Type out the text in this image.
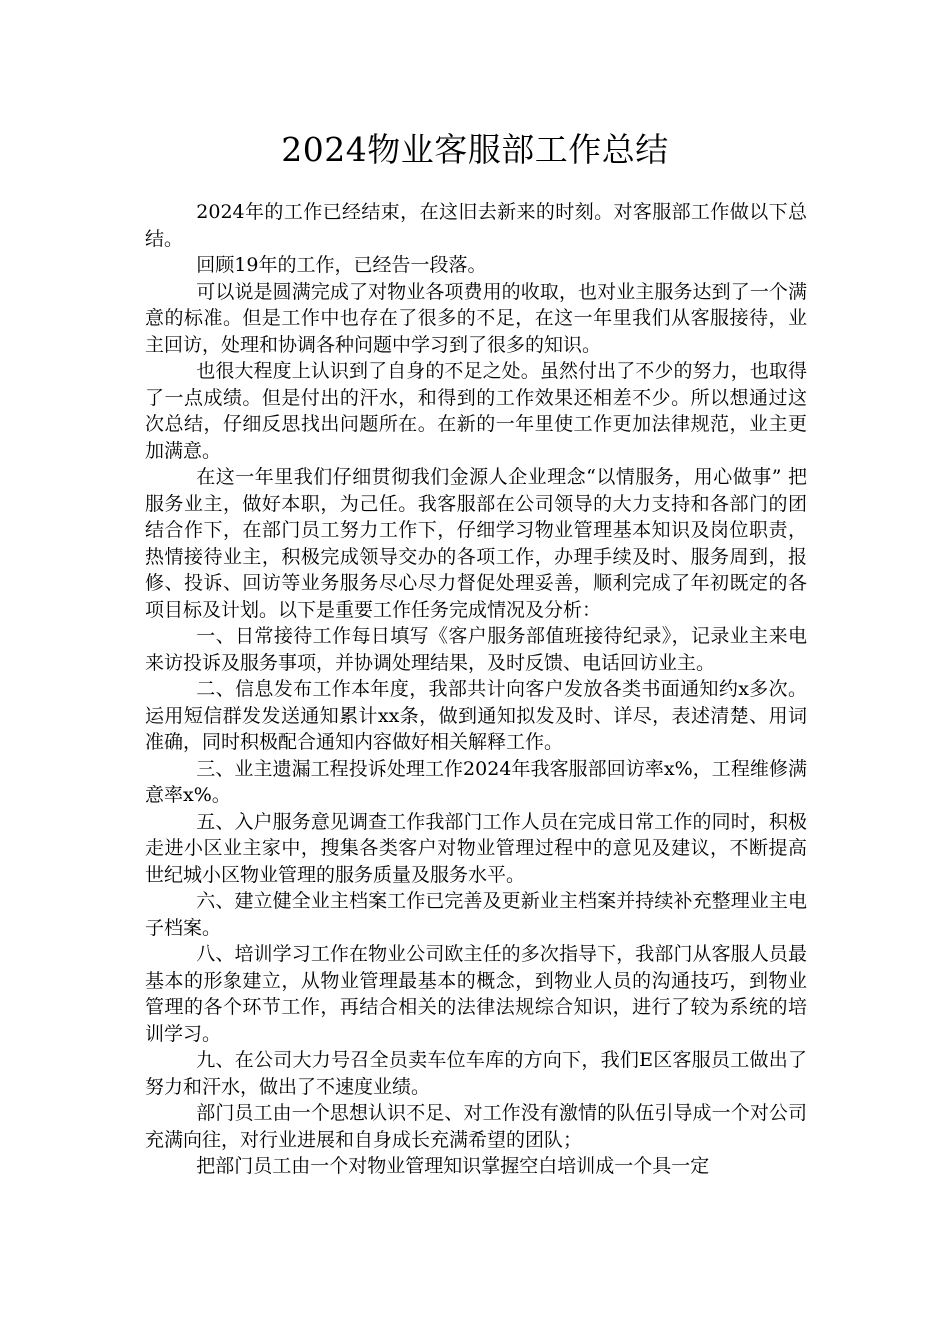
2024物业客服部工作总结

2024年的工作已经结束，在这旧去新来的时刻。对客服部工作做以下总结。

回顾19年的工作，已经告一段落。

可以说是圆满完成了对物业各项费用的收取，也对业主服务达到了一个满意的标准。但是工作中也存在了很多的不足，在这一年里我们从客服接待，业主回访，处理和协调各种问题中学习到了很多的知识。

也很大程度上认识到了自身的不足之处。虽然付出了不少的努力，也取得了一点成绩。但是付出的汗水，和得到的工作效果还相差不少。所以想通过这次总结，仔细反思找出问题所在。在新的一年里使工作更加法律规范，业主更加满意。

在这一年里我们仔细贯彻我们金源人企业理念“以情服务，用心做事” 把服务业主，做好本职，为己任。我客服部在公司领导的大力支持和各部门的团结合作下，在部门员工努力工作下，仔细学习物业管理基本知识及岗位职责，热情接待业主，积极完成领导交办的各项工作，办理手续及时、服务周到，报修、投诉、回访等业务服务尽心尽力督促处理妥善，顺利完成了年初既定的各项目标及计划。以下是重要工作任务完成情况及分析：

一、日常接待工作每日填写《客户服务部值班接待纪录》，记录业主来电来访投诉及服务事项，并协调处理结果，及时反馈、电话回访业主。

二、信息发布工作本年度，我部共计向客户发放各类书面通知约x多次。运用短信群发发送通知累计xx条，做到通知拟发及时、详尽，表述清楚、用词准确，同时积极配合通知内容做好相关解释工作。

三、业主遗漏工程投诉处理工作2024年我客服部回访率x%，工程维修满意率x%。

五、入户服务意见调查工作我部门工作人员在完成日常工作的同时，积极走进小区业主家中，搜集各类客户对物业管理过程中的意见及建议，不断提高世纪城小区物业管理的服务质量及服务水平。

六、建立健全业主档案工作已完善及更新业主档案并持续补充整理业主电子档案。

八、培训学习工作在物业公司欧主任的多次指导下，我部门从客服人员最基本的形象建立，从物业管理最基本的概念，到物业人员的沟通技巧，到物业管理的各个环节工作，再结合相关的法律法规综合知识，进行了较为系统的培训学习。

九、在公司大力号召全员卖车位车库的方向下，我们E区客服员工做出了努力和汗水，做出了不速度业绩。

部门员工由一个思想认识不足、对工作没有激情的队伍引导成一个对公司充满向往，对行业进展和自身成长充满希望的团队；

把部门员工由一个对物业管理知识掌握空白培训成一个具一定
